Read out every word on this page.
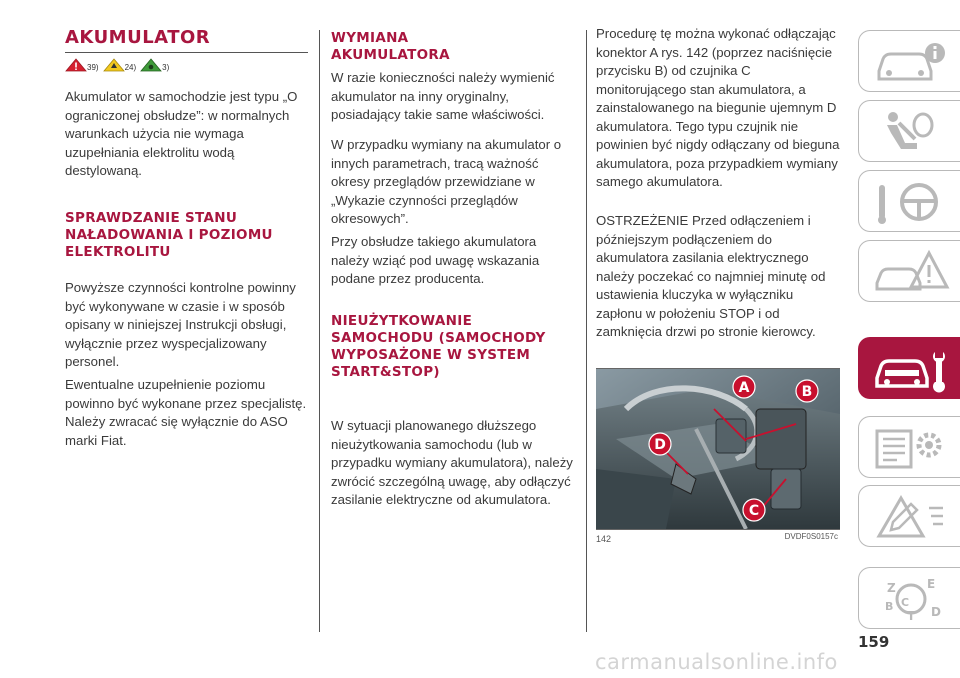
AKUMULATOR
39)	24)	3)

Akumulator w samochodzie jest typu „O ograniczonej obsłudze”: w normalnych warunkach użycia nie wymaga uzupełniania elektrolitu wodą destylowaną.

SPRAWDZANIE STANU NAŁADOWANIA I POZIOMU ELEKTROLITU

Powyższe czynności kontrolne powinny być wykonywane w czasie i w sposób opisany w niniejszej Instrukcji obsługi, wyłącznie przez wyspecjalizowany personel.

Ewentualne uzupełnienie poziomu powinno być wykonane przez specjalistę. Należy zwracać się wyłącznie do ASO marki Fiat.

WYMIANA AKUMULATORA

W razie konieczności należy wymienić akumulator na inny oryginalny, posiadający takie same właściwości.

W przypadku wymiany na akumulator o innych parametrach, tracą ważność okresy przeglądów przewidziane w „Wykazie czynności przeglądów okresowych”.

Przy obsłudze takiego akumulatora należy wziąć pod uwagę wskazania podane przez producenta.

NIEUŻYTKOWANIE SAMOCHODU (SAMOCHODY WYPOSAŻONE W SYSTEM START&STOP)

W sytuacji planowanego dłuższego nieużytkowania samochodu (lub w przypadku wymiany akumulatora), należy zwrócić szczególną uwagę, aby odłączyć zasilanie elektryczne od akumulatora.

Procedurę tę można wykonać odłączając konektor A rys. 142 (poprzez naciśnięcie przycisku B) od czujnika C monitorującego stan akumulatora, a zainstalowanego na biegunie ujemnym D akumulatora. Tego typu czujnik nie powinien być nigdy odłączany od bieguna akumulatora, poza przypadkiem wymiany samego akumulatora.

OSTRZEŻENIE Przed odłączeniem i późniejszym podłączeniem do akumulatora zasilania elektrycznego należy poczekać co najmniej minutę od ustawienia kluczyka w wyłączniku zapłonu w położeniu STOP i od zamknięcia drzwi po stronie kierowcy.

A	B
D
C
142	DVDF0S0157c
Z	E
B C
T D
159
carmanualsonline.info
